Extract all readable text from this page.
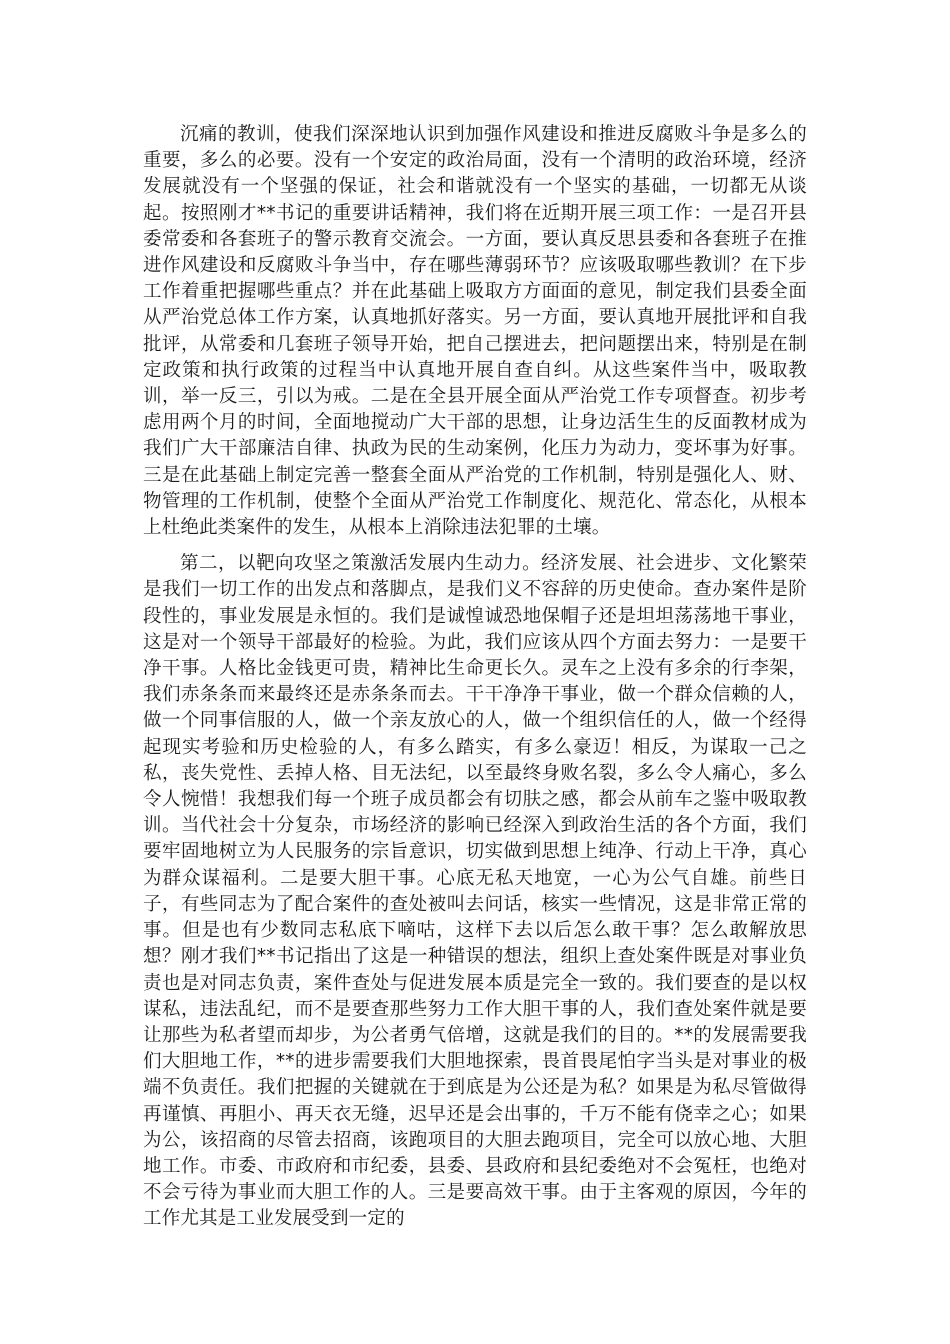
沉痛的教训，使我们深深地认识到加强作风建设和推进反腐败斗争是多么的重要，多么的必要。没有一个安定的政治局面，没有一个清明的政治环境，经济发展就没有一个坚强的保证，社会和谐就没有一个坚实的基础，一切都无从谈起。按照刚才**书记的重要讲话精神，我们将在近期开展三项工作：一是召开县委常委和各套班子的警示教育交流会。一方面，要认真反思县委和各套班子在推进作风建设和反腐败斗争当中，存在哪些薄弱环节？应该吸取哪些教训？在下步工作着重把握哪些重点？并在此基础上吸取方方面面的意见，制定我们县委全面从严治党总体工作方案，认真地抓好落实。另一方面，要认真地开展批评和自我批评，从常委和几套班子领导开始，把自己摆进去，把问题摆出来，特别是在制定政策和执行政策的过程当中认真地开展自查自纠。从这些案件当中，吸取教训，举一反三，引以为戒。二是在全县开展全面从严治党工作专项督查。初步考虑用两个月的时间，全面地搅动广大干部的思想，让身边活生生的反面教材成为我们广大干部廉洁自律、执政为民的生动案例，化压力为动力，变坏事为好事。三是在此基础上制定完善一整套全面从严治党的工作机制，特别是强化人、财、物管理的工作机制，使整个全面从严治党工作制度化、规范化、常态化，从根本上杜绝此类案件的发生，从根本上消除违法犯罪的土壤。

第二，以靶向攻坚之策激活发展内生动力。经济发展、社会进步、文化繁荣是我们一切工作的出发点和落脚点，是我们义不容辞的历史使命。查办案件是阶段性的，事业发展是永恒的。我们是诚惶诚恐地保帽子还是坦坦荡荡地干事业，这是对一个领导干部最好的检验。为此，我们应该从四个方面去努力：一是要干净干事。人格比金钱更可贵，精神比生命更长久。灵车之上没有多余的行李架，我们赤条条而来最终还是赤条条而去。干干净净干事业，做一个群众信赖的人，做一个同事信服的人，做一个亲友放心的人，做一个组织信任的人，做一个经得起现实考验和历史检验的人，有多么踏实，有多么豪迈！相反，为谋取一己之私，丧失党性、丢掉人格、目无法纪，以至最终身败名裂，多么令人痛心，多么令人惋惜！我想我们每一个班子成员都会有切肤之感，都会从前车之鉴中吸取教训。当代社会十分复杂，市场经济的影响已经深入到政治生活的各个方面，我们要牢固地树立为人民服务的宗旨意识，切实做到思想上纯净、行动上干净，真心为群众谋福利。二是要大胆干事。心底无私天地宽，一心为公气自雄。前些日子，有些同志为了配合案件的查处被叫去问话，核实一些情况，这是非常正常的事。但是也有少数同志私底下嘀咕，这样下去以后怎么敢干事？怎么敢解放思想？刚才我们**书记指出了这是一种错误的想法，组织上查处案件既是对事业负责也是对同志负责，案件查处与促进发展本质是完全一致的。我们要查的是以权谋私，违法乱纪，而不是要查那些努力工作大胆干事的人，我们查处案件就是要让那些为私者望而却步，为公者勇气倍增，这就是我们的目的。**的发展需要我们大胆地工作，**的进步需要我们大胆地探索，畏首畏尾怕字当头是对事业的极端不负责任。我们把握的关键就在于到底是为公还是为私？如果是为私尽管做得再谨慎、再胆小、再天衣无缝，迟早还是会出事的，千万不能有侥幸之心；如果为公，该招商的尽管去招商，该跑项目的大胆去跑项目，完全可以放心地、大胆地工作。市委、市政府和市纪委，县委、县政府和县纪委绝对不会冤枉，也绝对不会亏待为事业而大胆工作的人。三是要高效干事。由于主客观的原因，今年的工作尤其是工业发展受到一定的
